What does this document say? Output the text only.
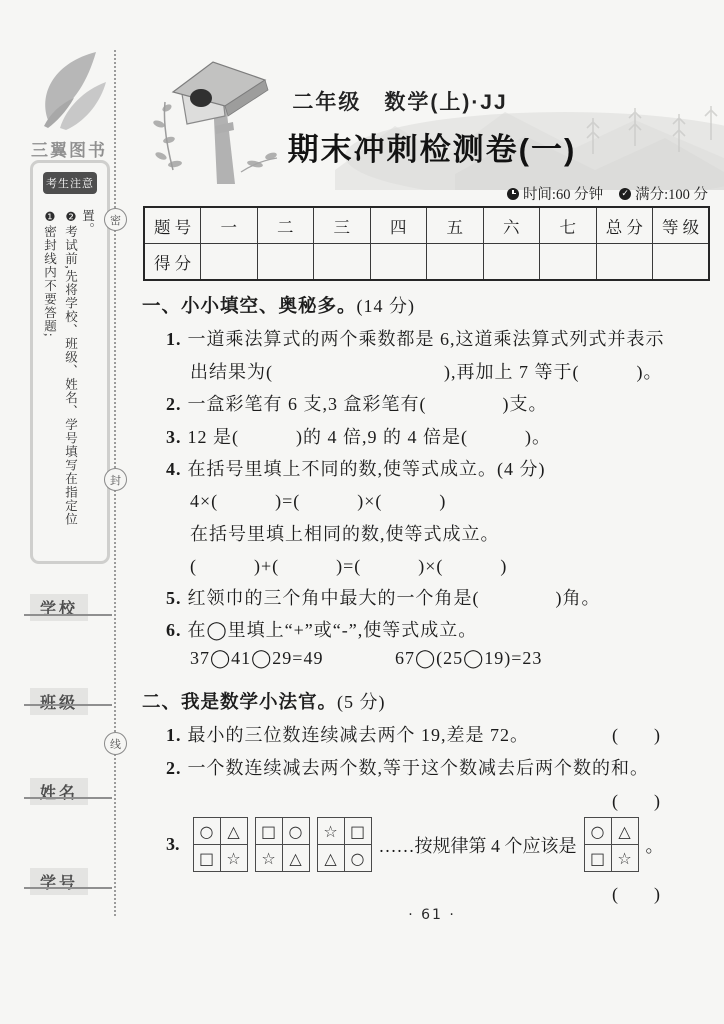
三翼图书
考生注意
❶密封线内不要答题; ❷考试前,先将学校、班级、姓名、学号填写在指定位置。
学校
班级
姓名
学号
密
封
线
二年级　数学(上)·JJ
期末冲刺检测卷(一)
时间:60 分钟 ✓ 满分:100 分
题 号	一	二	三	四	五	六	七	总 分	等 级
得 分									
一、小小填空、奥秘多。(14 分)
1. 一道乘法算式的两个乘数都是 6,这道乘法算式列式并表示
出结果为(　　　　　　　　　),再加上 7 等于(　　　)。
2. 一盒彩笔有 6 支,3 盒彩笔有(　　　　)支。
3. 12 是(　　　)的 4 倍,9 的 4 倍是(　　　)。
4. 在括号里填上不同的数,使等式成立。(4 分)
4×(　　　)=(　　　)×(　　　)
在括号里填上相同的数,使等式成立。
(　　　)+(　　　)=(　　　)×(　　　)
5. 红领巾的三个角中最大的一个角是(　　　　)角。
6. 在◯里填上“+”或“-”,使等式成立。
37◯41◯29=49	67◯(25◯19)=23
二、我是数学小法官。(5 分)
1. 最小的三位数连续减去两个 19,差是 72。	(　　)
2. 一个数连续减去两个数,等于这个数减去后两个数的和。
(　　)
3.
○	△
□	☆
□	○
☆	△
☆	□
△	○
……按规律第 4 个应该是
○	△
□	☆
。
(　　)
· 61 ·
